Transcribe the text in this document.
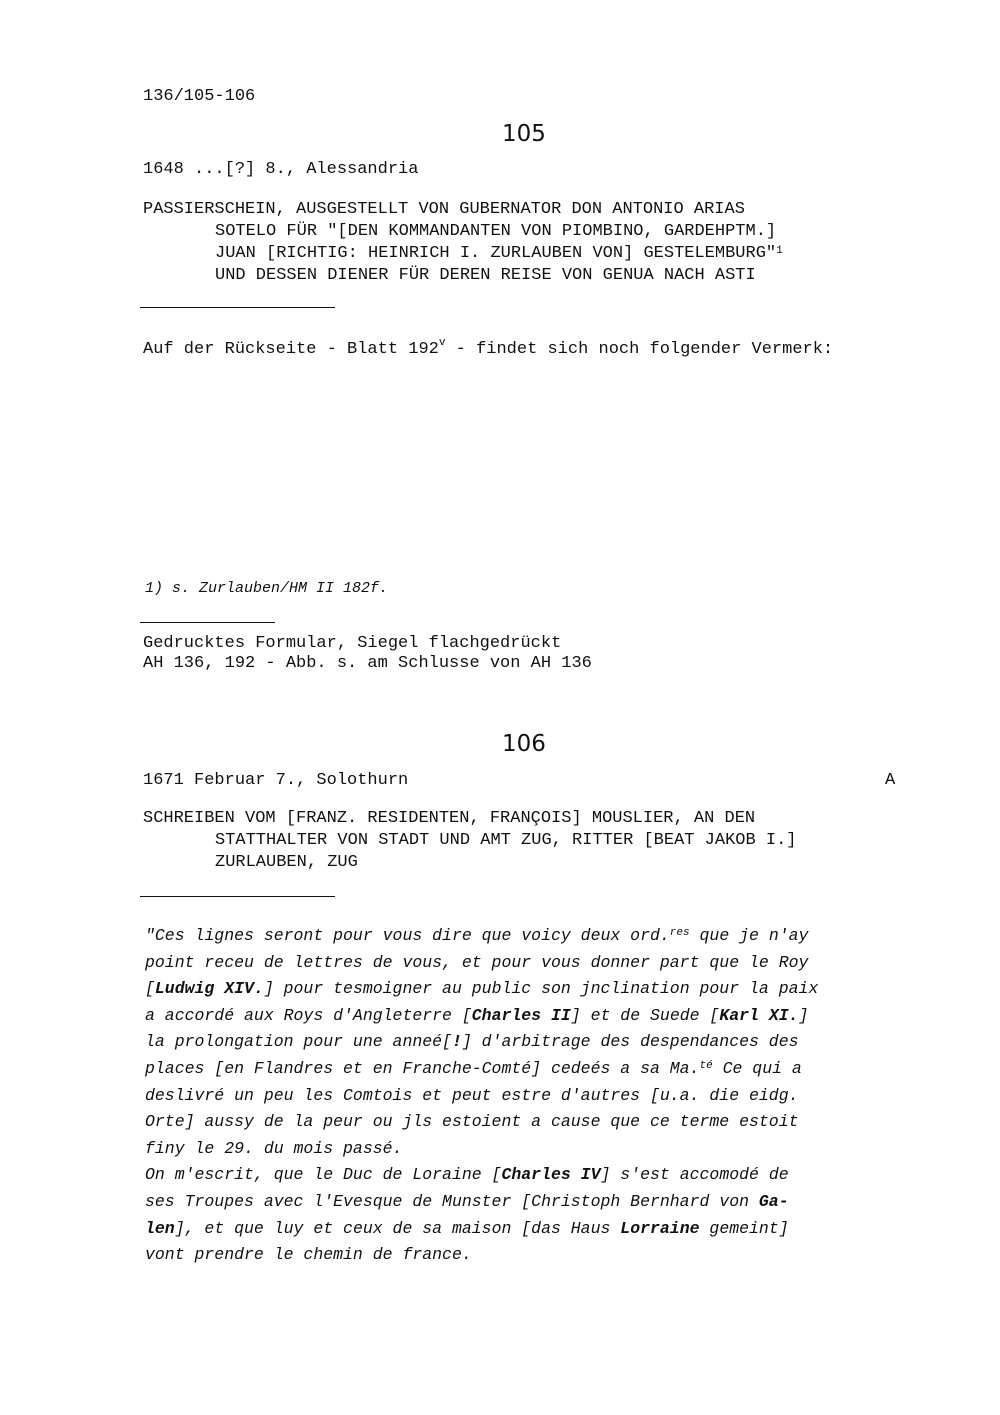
136/105-106
105
1648 ...[?] 8., Alessandria
PASSIERSCHEIN, AUSGESTELLT VON GUBERNATOR DON ANTONIO ARIAS
SOTELO FÜR "[DEN KOMMANDANTEN VON PIOMBINO, GARDEHPTM.]
JUAN [RICHTIG: HEINRICH I. ZURLAUBEN VON] GESTELEMBURG"$^1$
UND DESSEN DIENER FÜR DEREN REISE VON GENUA NACH ASTI
Auf der Rückseite - Blatt 192$^v$ - findet sich noch folgender Vermerk:
1) s. Zurlauben/HM II 182f.
Gedrucktes Formular, Siegel flachgedrückt
AH 136, 192 - Abb. s. am Schlusse von AH 136
106
1671 Februar 7., Solothurn	A
SCHREIBEN VOM [FRANZ. RESIDENTEN, FRANÇOIS] MOUSLIER, AN DEN
STATTHALTER VON STADT UND AMT ZUG, RITTER [BEAT JAKOB I.]
ZURLAUBEN, ZUG
"Ces lignes seront pour vous dire que voicy deux ord.$^{res}$ que je n'ay
point receu de lettres de vous, et pour vous donner part que le Roy
[Ludwig XIV.] pour tesmoigner au public son jnclination pour la paix
a accordé aux Roys d'Angleterre [Charles II] et de Suede [Karl XI.]
la prolongation pour une anneé[!] d'arbitrage des despendances des
places [en Flandres et en Franche-Comté] cedeés a sa Ma.$^{té}$ Ce qui a
deslivré un peu les Comtois et peut estre d'autres [u.a. die eidg.
Orte] aussy de la peur ou jls estoient a cause que ce terme estoit
finy le 29. du mois passé.
On m'escrit, que le Duc de Loraine [Charles IV] s'est accomodé de
ses Troupes avec l'Evesque de Munster [Christoph Bernhard von Ga-
len], et que luy et ceux de sa maison [das Haus Lorraine gemeint]
vont prendre le chemin de france.
